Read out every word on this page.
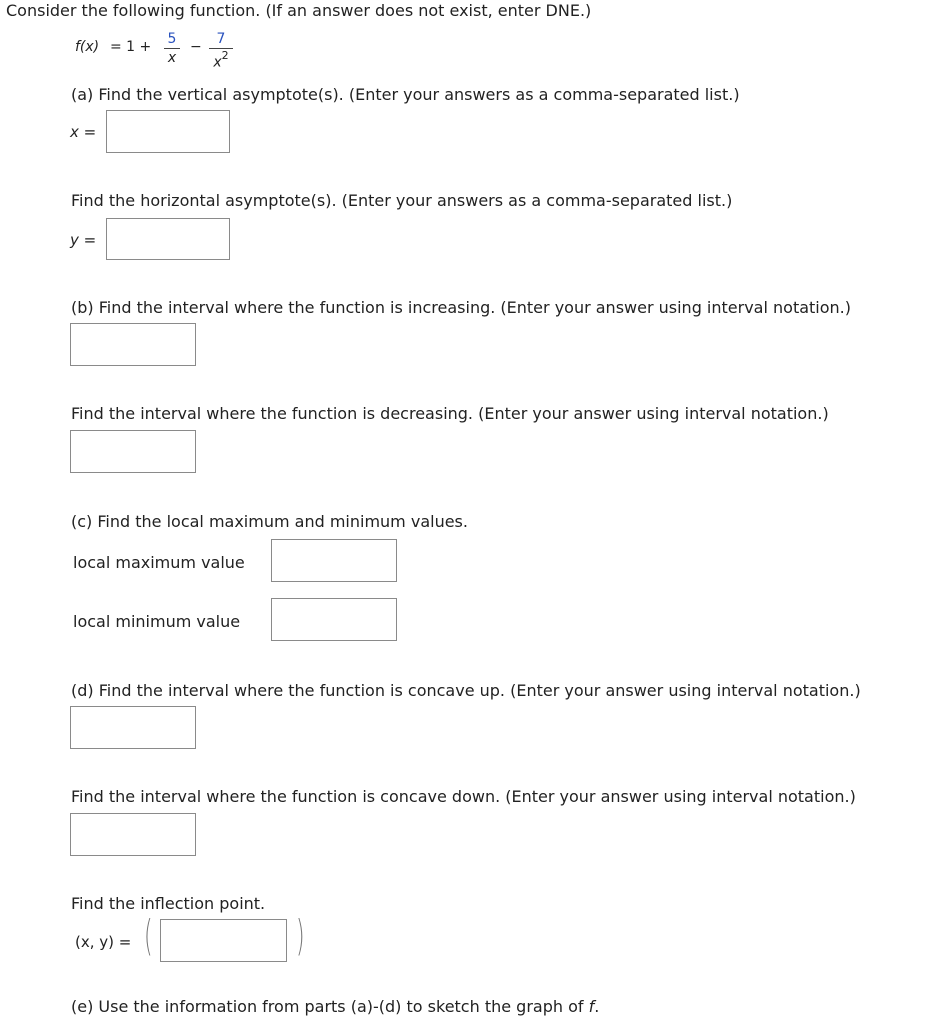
Consider the following function. (If an answer does not exist, enter DNE.)
f(x) = 1 + 5
x
−	7
$x^2$
(a) Find the vertical asymptote(s). (Enter your answers as a comma-separated list.)
x =
Find the horizontal asymptote(s). (Enter your answers as a comma-separated list.)
y =
(b) Find the interval where the function is increasing. (Enter your answer using interval notation.)
Find the interval where the function is decreasing. (Enter your answer using interval notation.)
(c) Find the local maximum and minimum values.
local maximum value
local minimum value
(d) Find the interval where the function is concave up. (Enter your answer using interval notation.)
Find the interval where the function is concave down. (Enter your answer using interval notation.)
Find the inflection point.
(x, y) = (	)
(e) Use the information from parts (a)-(d) to sketch the graph of f.
